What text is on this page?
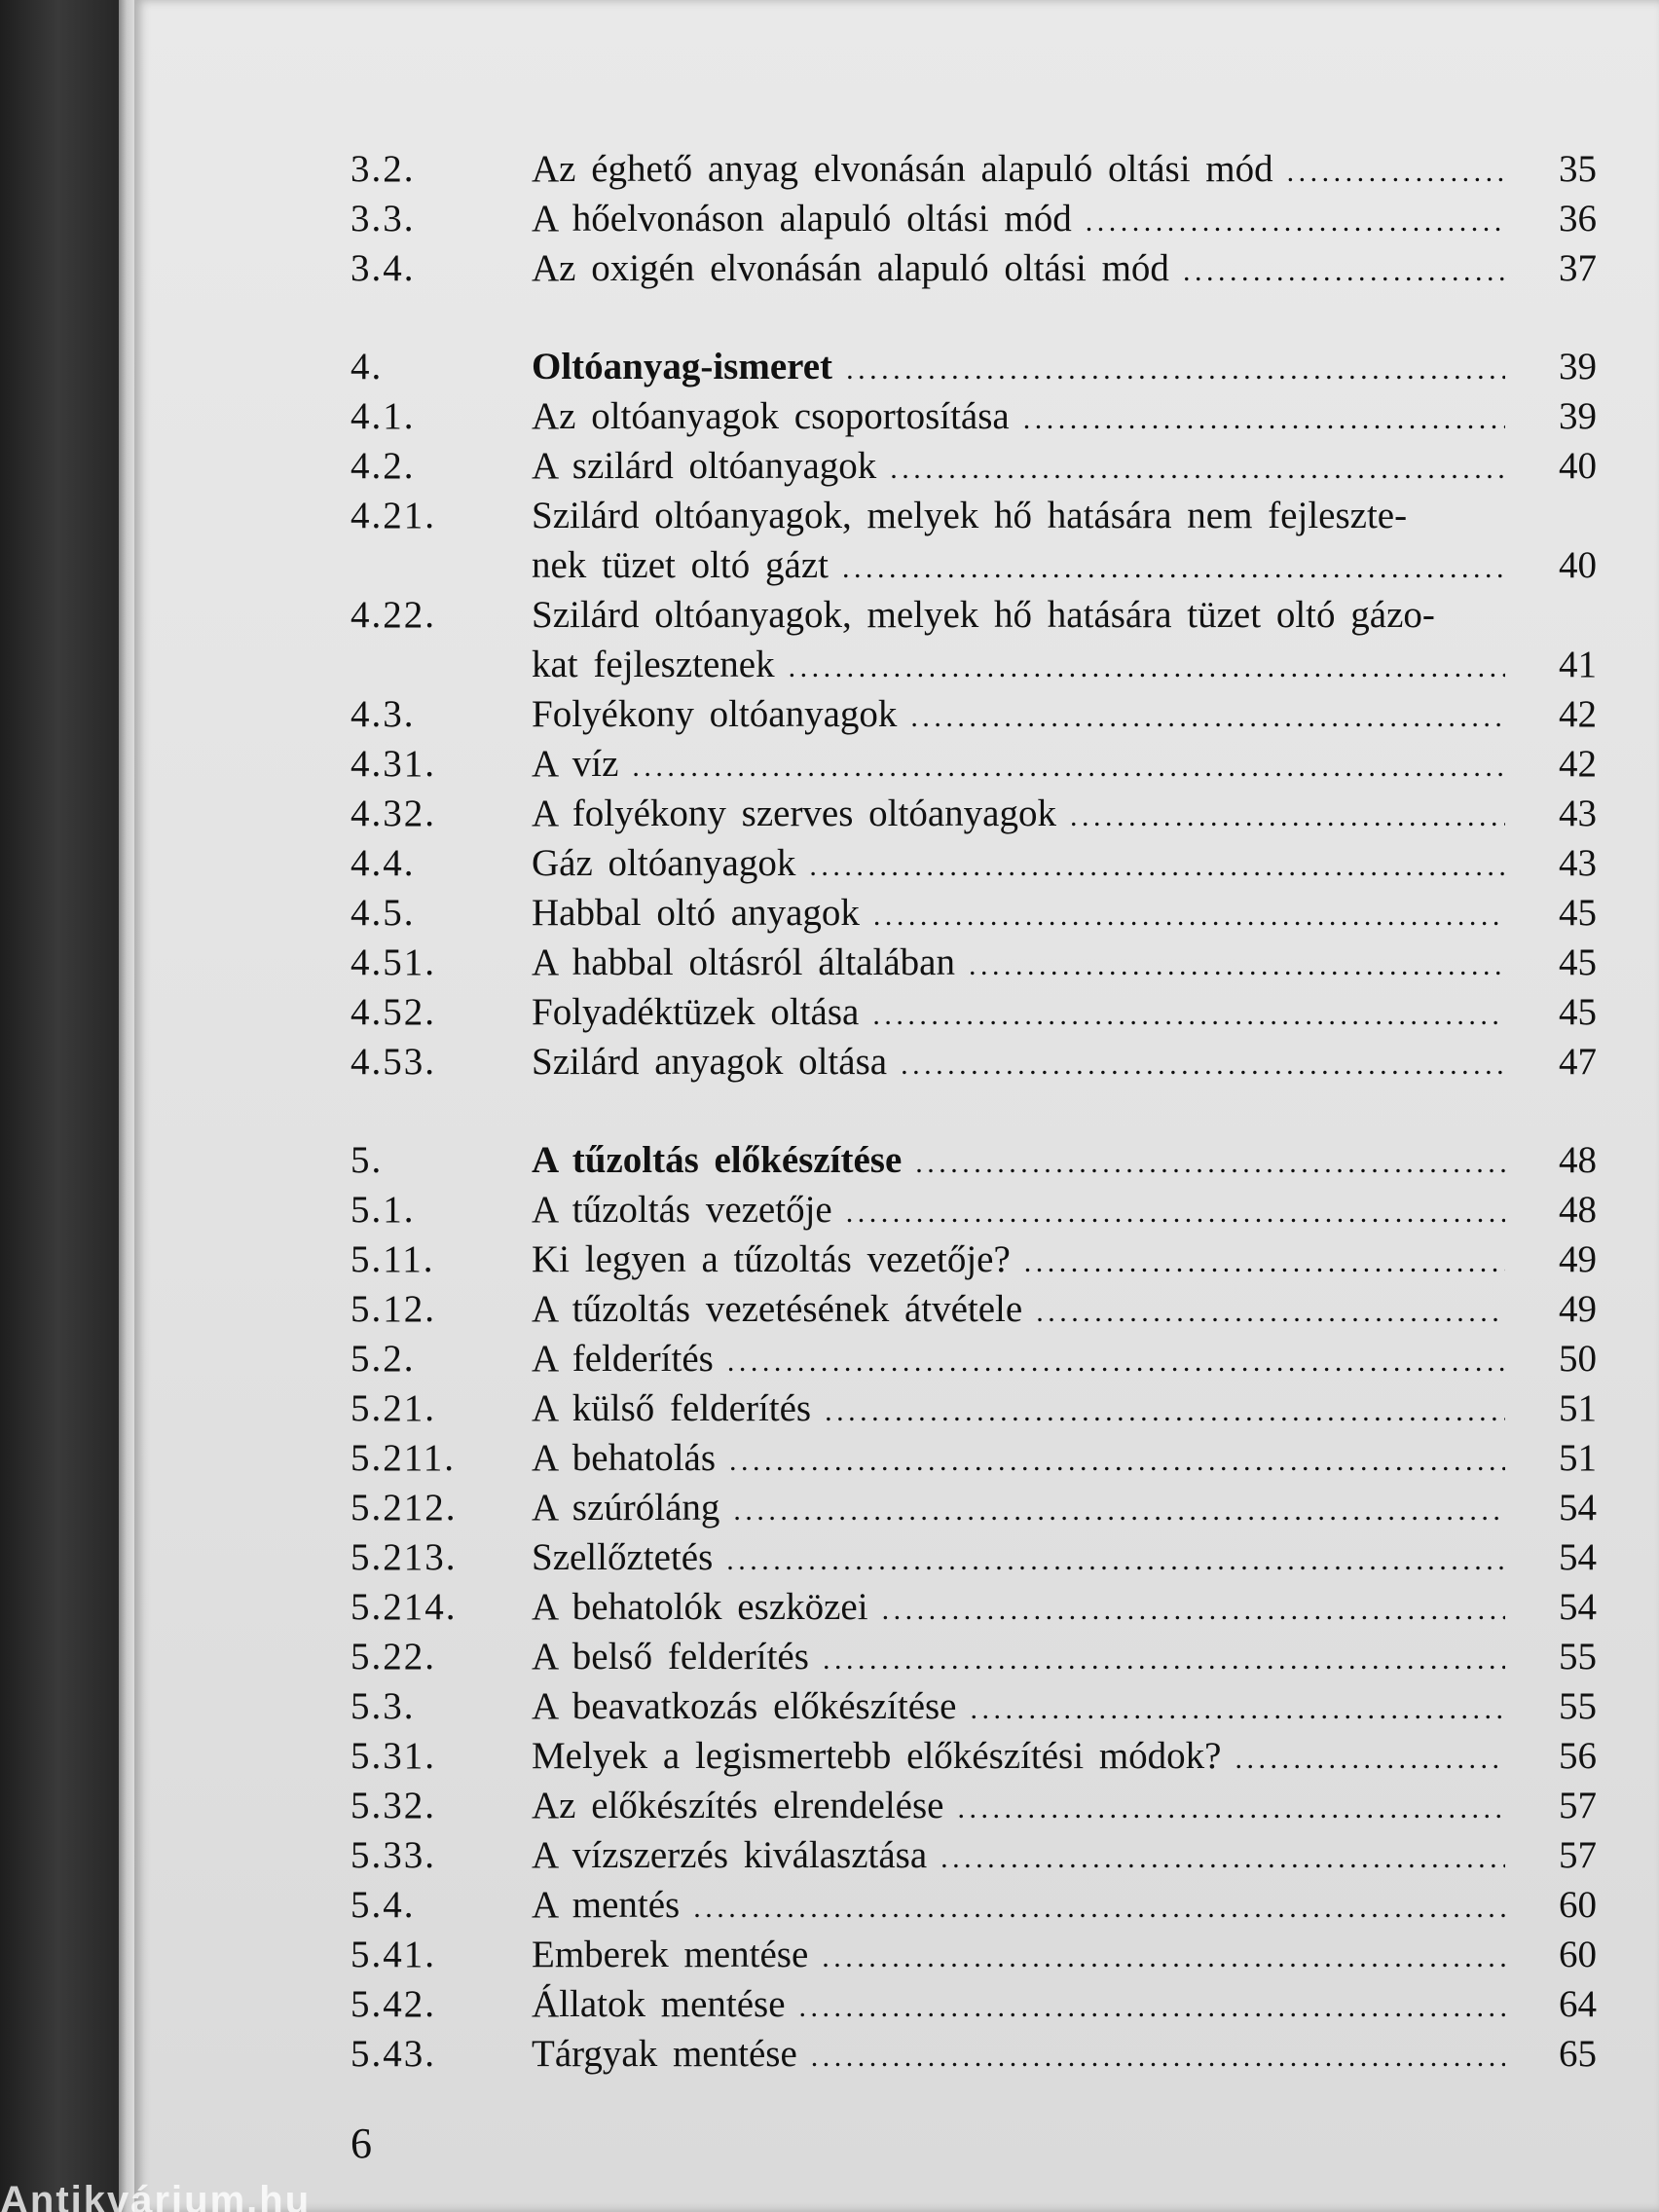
3.2.	Az éghető anyag elvonásán alapuló oltási mód . . .	35
3.3.	A hőelvonáson alapuló oltási mód . . .	36
3.4.	Az oxigén elvonásán alapuló oltási mód . . .	37
4.	Oltóanyag-ismeret . . .	39
4.1.	Az oltóanyagok csoportosítása . . .	39
4.2.	A szilárd oltóanyagok . . .	40
4.21.	Szilárd oltóanyagok, melyek hő hatására nem fejleszte-
nek tüzet oltó gázt . . .	40
4.22.	Szilárd oltóanyagok, melyek hő hatására tüzet oltó gázo-
kat fejlesztenek . . .	41
4.3.	Folyékony oltóanyagok . . .	42
4.31.	A víz . . .	42
4.32.	A folyékony szerves oltóanyagok . . .	43
4.4.	Gáz oltóanyagok . . .	43
4.5.	Habbal oltó anyagok . . .	45
4.51.	A habbal oltásról általában . . .	45
4.52.	Folyadéktüzek oltása . . .	45
4.53.	Szilárd anyagok oltása . . .	47
5.	A tűzoltás előkészítése . . .	48
5.1.	A tűzoltás vezetője . . .	48
5.11.	Ki legyen a tűzoltás vezetője? . . .	49
5.12.	A tűzoltás vezetésének átvétele . . .	49
5.2.	A felderítés . . .	50
5.21.	A külső felderítés . . .	51
5.211.	A behatolás . . .	51
5.212.	A szúróláng . . .	54
5.213.	Szellőztetés . . .	54
5.214.	A behatolók eszközei . . .	54
5.22.	A belső felderítés . . .	55
5.3.	A beavatkozás előkészítése . . .	55
5.31.	Melyek a legismertebb előkészítési módok? . . .	56
5.32.	Az előkészítés elrendelése . . .	57
5.33.	A vízszerzés kiválasztása . . .	57
5.4.	A mentés . . .	60
5.41.	Emberek mentése . . .	60
5.42.	Állatok mentése . . .	64
5.43.	Tárgyak mentése . . .	65
6
Antikvárium.hu
